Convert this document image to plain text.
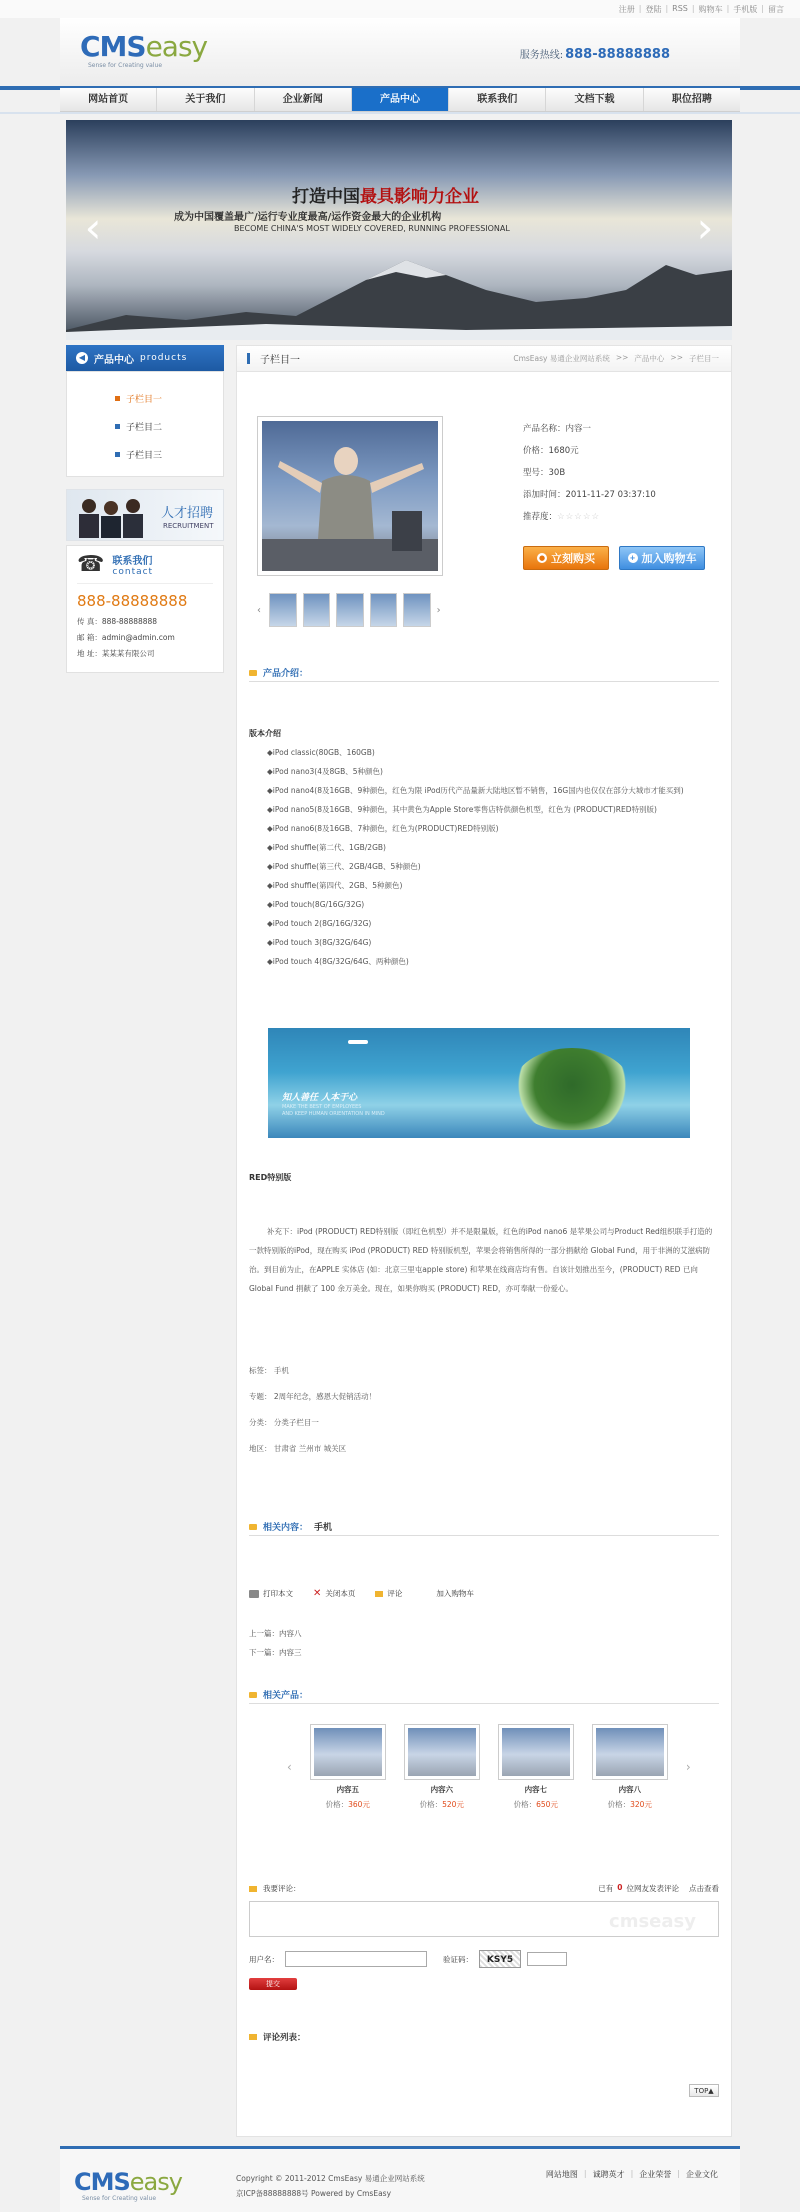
注册 | 登陆 | RSS | 购物车 | 手机版 | 留言
CMSeasy
Sense for Creating value
服务热线: 888-88888888
网站首页	关于我们	企业新闻	产品中心	联系我们	文档下载	职位招聘
打造中国最具影响力企业
成为中国覆盖最广/运行专业度最高/运作资金最大的企业机构
BECOME CHINA'S MOST WIDELY COVERED, RUNNING PROFESSIONAL
‹	›
◀ 产品中心 products
子栏目一
子栏目二
子栏目三
人才招聘
RECRUITMENT
☎ 联系我们
contact
888-88888888
传 真：888-88888888
邮 箱：admin@admin.com
地 址：某某某有限公司
子栏目一	CmsEasy 易通企业网站系统 >> 产品中心 >> 子栏目一
‹	›
产品名称：内容一
价格：1680元
型号：30B
添加时间：2011-11-27 03:37:10
推荐度：☆☆☆☆☆
● 立刻购买	+ 加入购物车
产品介绍：

版本介绍

◆iPod classic(80GB、160GB)

◆iPod nano3(4及8GB、5种颜色)

◆iPod nano4(8及16GB、9种颜色，红色为限 iPod历代产品量新大陆地区暂不销售，16G国内也仅仅在部分大城市才能买到)

◆iPod nano5(8及16GB、9种颜色，其中黄色为Apple Store零售店特供颜色机型，红色为 (PRODUCT)RED特别版)

◆iPod nano6(8及16GB、7种颜色，红色为(PRODUCT)RED特别版)

◆iPod shuffle(第二代、1GB/2GB)

◆iPod shuffle(第三代、2GB/4GB、5种颜色)

◆iPod shuffle(第四代、2GB、5种颜色)

◆iPod touch(8G/16G/32G)

◆iPod touch 2(8G/16G/32G)

◆iPod touch 3(8G/32G/64G)

◆iPod touch 4(8G/32G/64G、两种颜色)

知人善任 人本于心
MAKE THE BEST OF EMPLOYEES
AND KEEP HUMAN ORIENTATION IN MIND

RED特别版

补充下：iPod (PRODUCT) RED特别版（即红色机型）并不是限量版，红色的iPod nano6 是苹果公司与Product Red组织联手打造的一款特别版的iPod，现在购买 iPod (PRODUCT) RED 特别版机型，苹果会将销售所得的一部分捐献给 Global Fund，用于非洲的艾滋病防治。到目前为止，在APPLE 实体店 (如：北京三里屯apple store) 和苹果在线商店均有售。自该计划推出至今，(PRODUCT) RED 已向 Global Fund 捐献了 100 余万美金。现在，如果你购买 (PRODUCT) RED，亦可奉献一份爱心。

标签： 手机

专题： 2周年纪念，感恩大促销活动！

分类： 分类子栏目一

地区： 甘肃省 兰州市 城关区

相关内容： 手机
打印本文 ✕ 关闭本页	评论	加入购物车

上一篇：内容八

下一篇：内容三

相关产品：
‹
内容五
价格：360元
内容六
价格：520元
内容七
价格：650元
内容八
价格：320元
›
我要评论：	已有 0 位网友发表评论 点击查看
cmseasy
用户名：	验证码：	KSY5
提交
评论列表：
TOP▲
CMSeasy
Sense for Creating value
Copyright © 2011-2012 CmsEasy 易通企业网站系统
京ICP备88888888号 Powered by CmsEasy
网站地图 | 诚聘英才 | 企业荣誉 | 企业文化
